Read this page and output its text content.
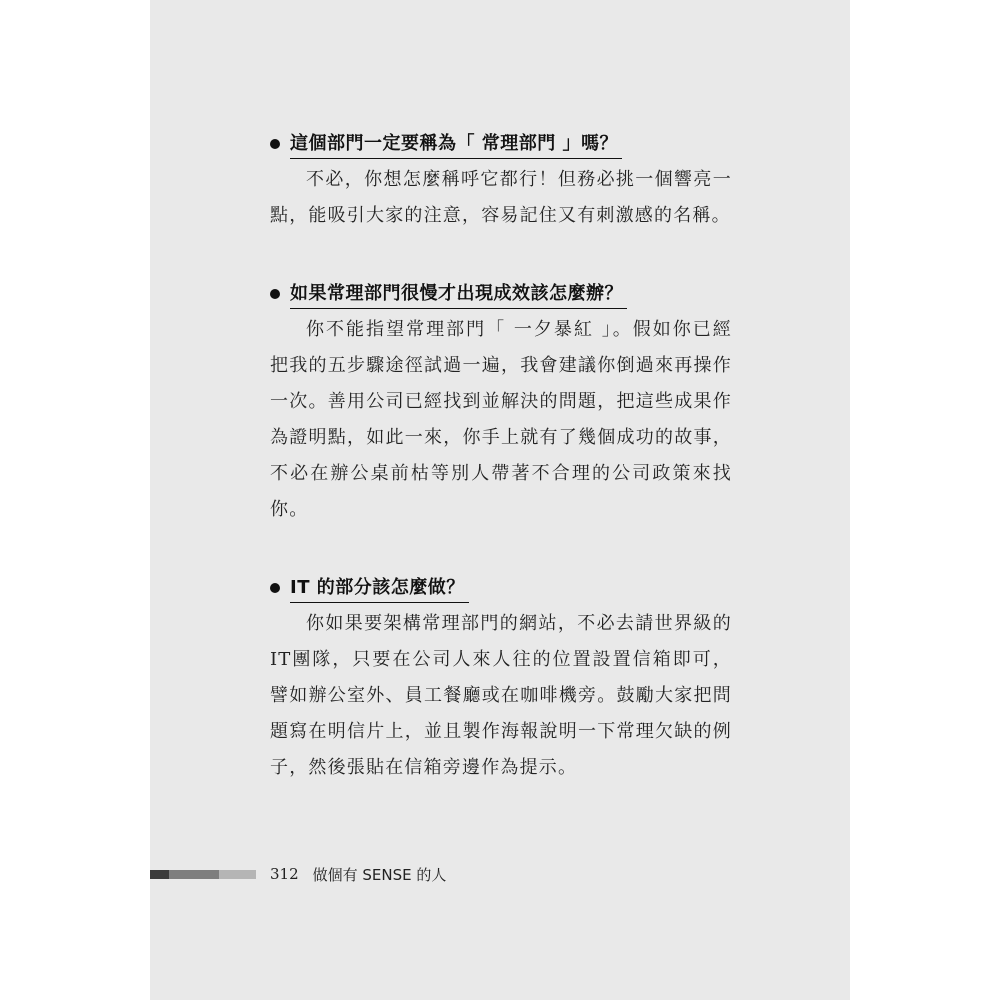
這個部門一定要稱為「 常理部門 」嗎？

不必，你想怎麼稱呼它都行！但務必挑一個響亮一點，能吸引大家的注意，容易記住又有刺激感的名稱。

如果常理部門很慢才出現成效該怎麼辦？

你不能指望常理部門「 一夕暴紅 」。假如你已經把我的五步驟途徑試過一遍，我會建議你倒過來再操作一次。善用公司已經找到並解決的問題，把這些成果作為證明點，如此一來，你手上就有了幾個成功的故事，不必在辦公桌前枯等別人帶著不合理的公司政策來找你。

IT 的部分該怎麼做？

你如果要架構常理部門的網站，不必去請世界級的IT團隊，只要在公司人來人往的位置設置信箱即可，譬如辦公室外、員工餐廳或在咖啡機旁。鼓勵大家把問題寫在明信片上，並且製作海報說明一下常理欠缺的例子，然後張貼在信箱旁邊作為提示。

312 做個有 SENSE 的人
